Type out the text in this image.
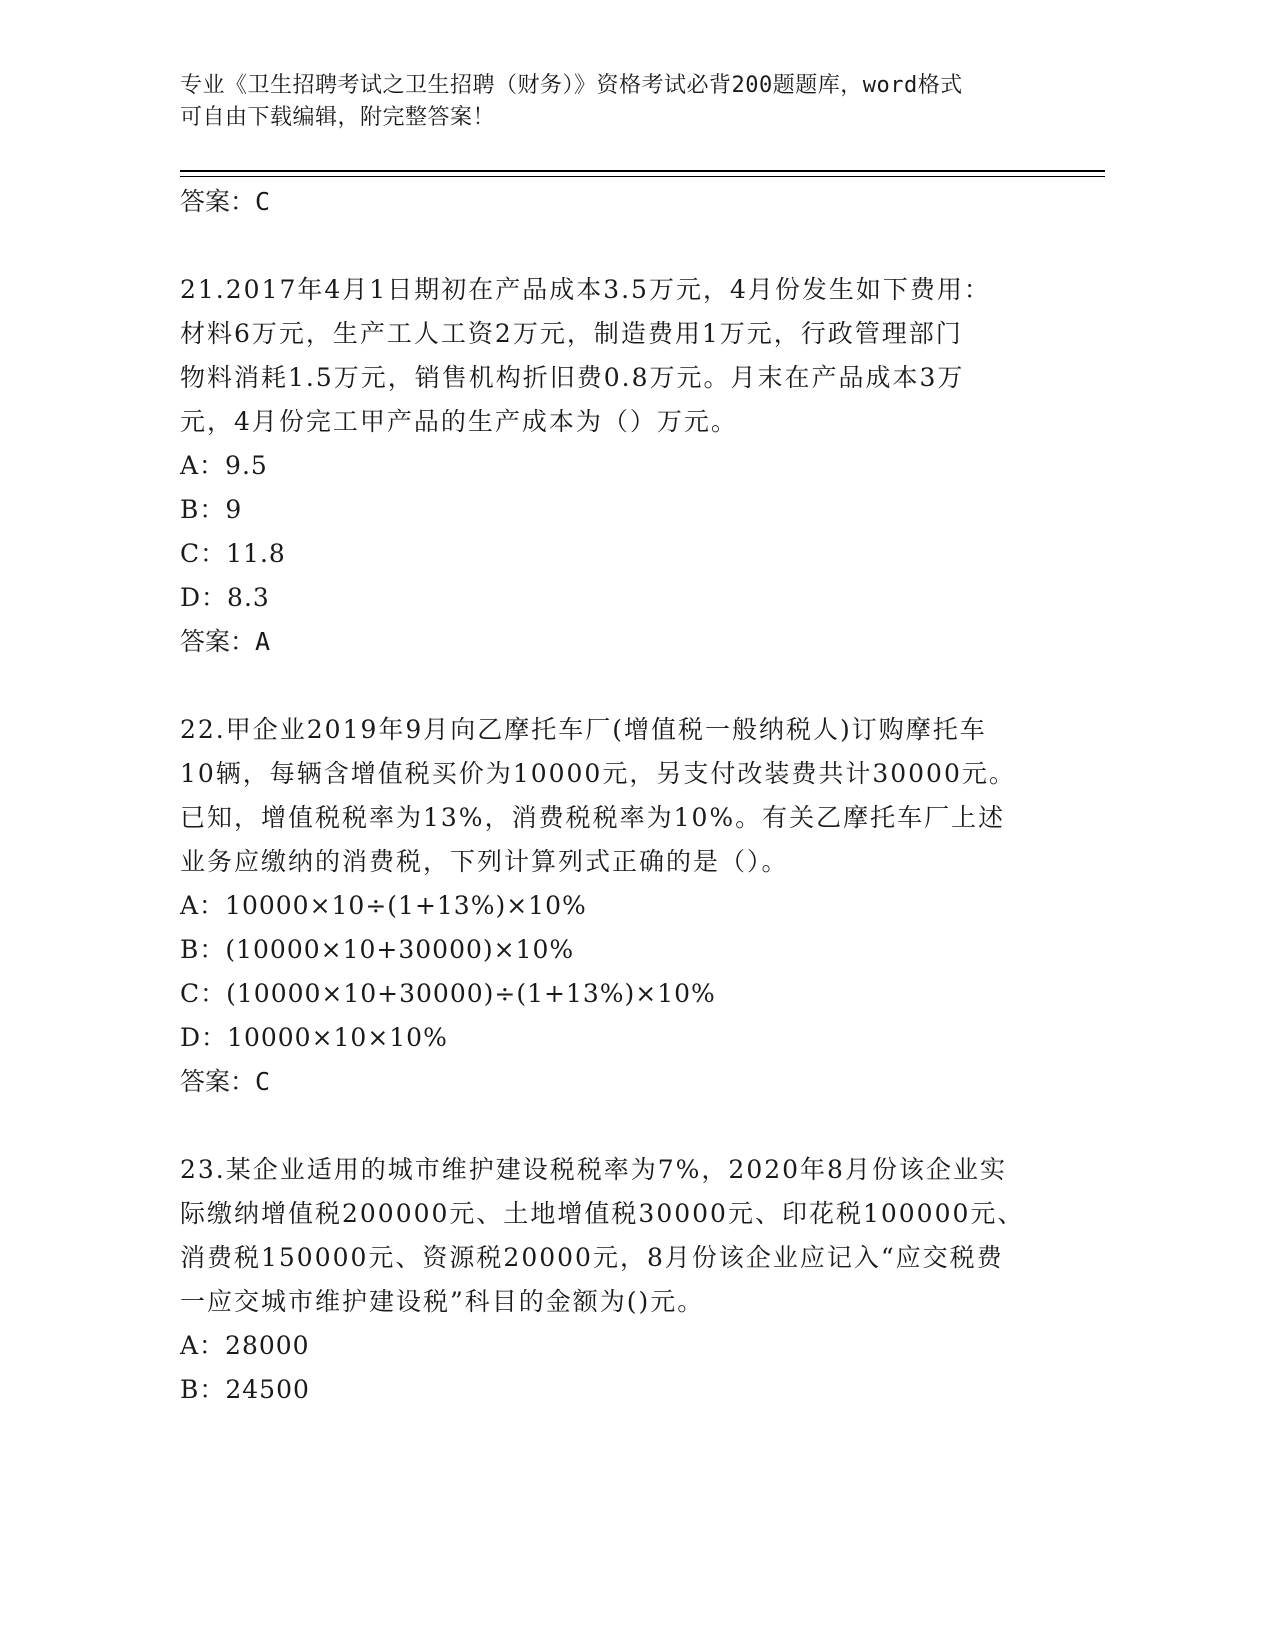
专业《卫生招聘考试之卫生招聘（财务）》资格考试必背200题题库，word格式
可自由下载编辑，附完整答案！
答案：C
21.2017年4月1日期初在产品成本3.5万元，4月份发生如下费用：
材料6万元，生产工人工资2万元，制造费用1万元，行政管理部门
物料消耗1.5万元，销售机构折旧费0.8万元。月末在产品成本3万
元，4月份完工甲产品的生产成本为（）万元。
A：9.5
B：9
C：11.8
D：8.3
答案：A
22.甲企业2019年9月向乙摩托车厂(增值税一般纳税人)订购摩托车
10辆，每辆含增值税买价为10000元，另支付改装费共计30000元。
已知，增值税税率为13%，消费税税率为10%。有关乙摩托车厂上述
业务应缴纳的消费税，下列计算列式正确的是（）。
A：10000×10÷(1+13%)×10%
B：(10000×10+30000)×10%
C：(10000×10+30000)÷(1+13%)×10%
D：10000×10×10%
答案：C
23.某企业适用的城市维护建设税税率为7%，2020年8月份该企业实
际缴纳增值税200000元、土地增值税30000元、印花税100000元、
消费税150000元、资源税20000元，8月份该企业应记入“应交税费
一应交城市维护建设税”科目的金额为()元。
A：28000
B：24500
